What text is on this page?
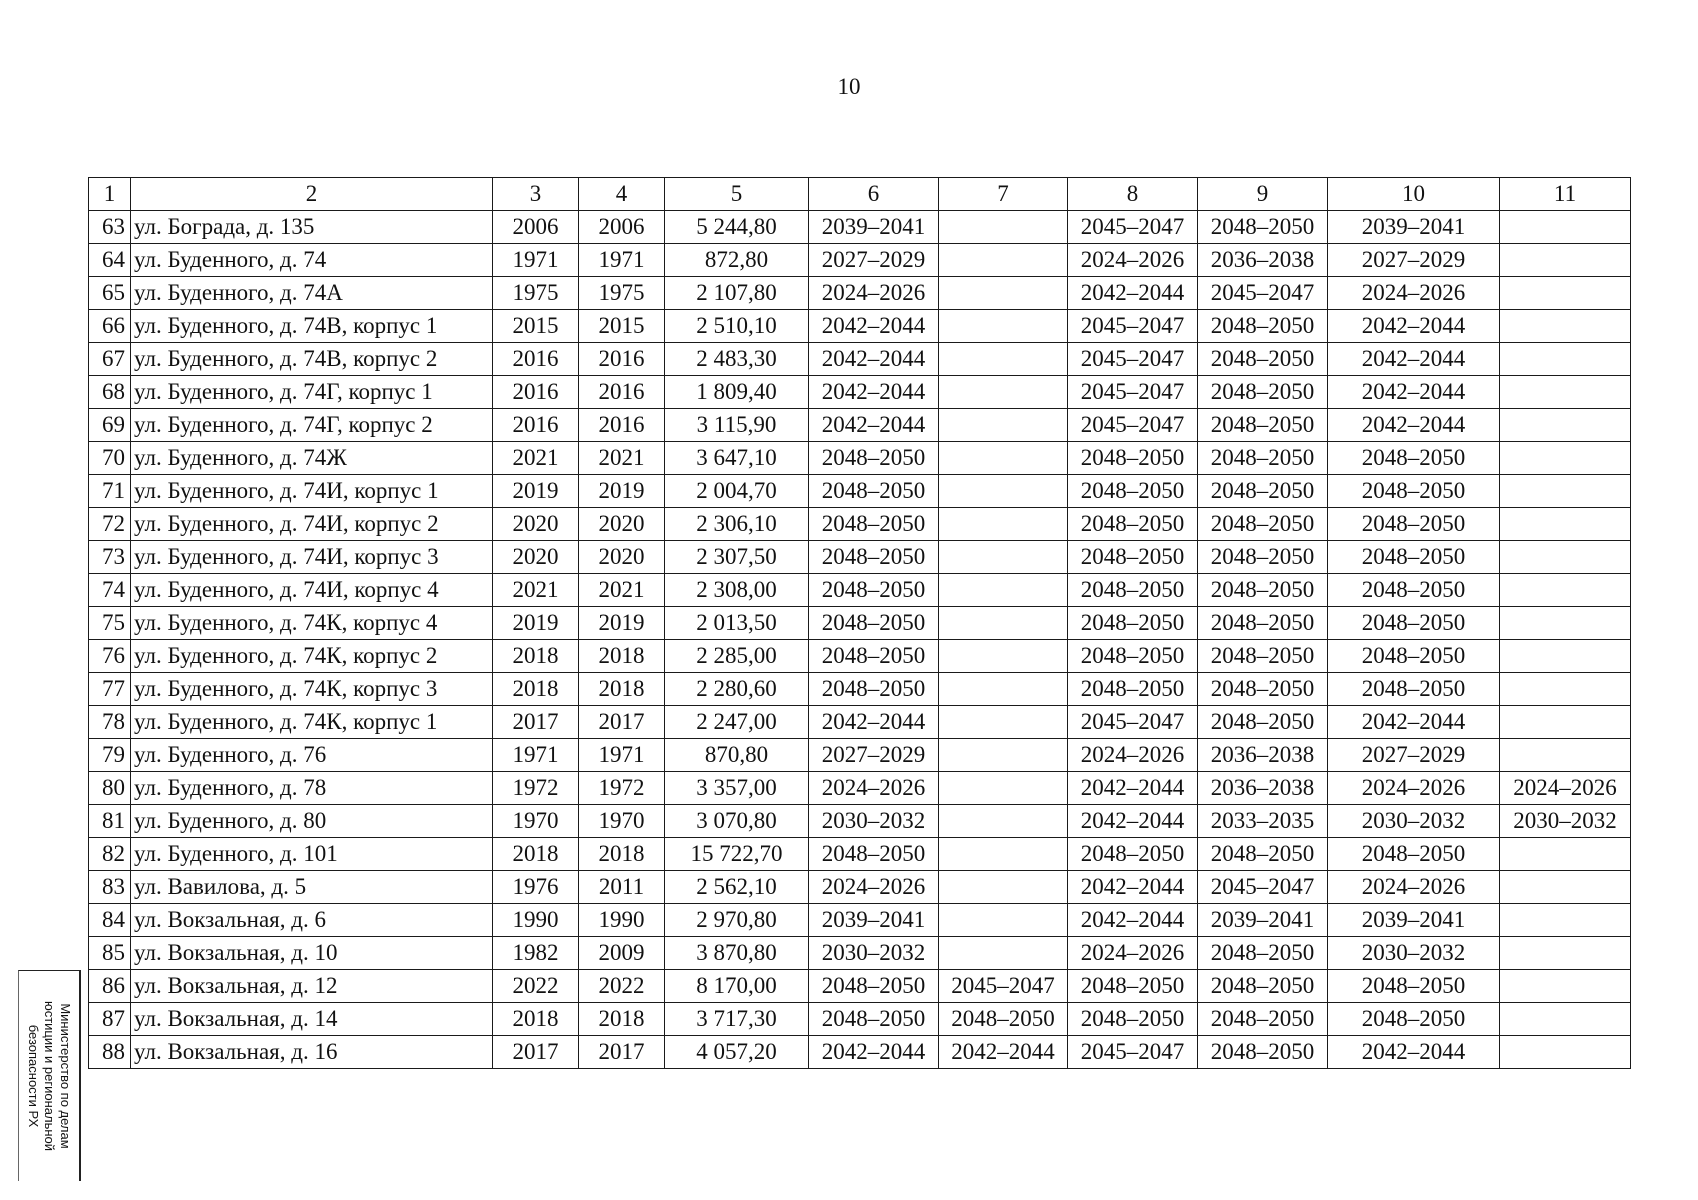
10
1	2	3	4	5	6	7	8	9	10	11
63	ул. Бограда, д. 135	2006	2006	5 244,80	2039–2041		2045–2047	2048–2050	2039–2041	
64	ул. Буденного, д. 74	1971	1971	872,80	2027–2029		2024–2026	2036–2038	2027–2029	
65	ул. Буденного, д. 74А	1975	1975	2 107,80	2024–2026		2042–2044	2045–2047	2024–2026	
66	ул. Буденного, д. 74В, корпус 1	2015	2015	2 510,10	2042–2044		2045–2047	2048–2050	2042–2044	
67	ул. Буденного, д. 74В, корпус 2	2016	2016	2 483,30	2042–2044		2045–2047	2048–2050	2042–2044	
68	ул. Буденного, д. 74Г, корпус 1	2016	2016	1 809,40	2042–2044		2045–2047	2048–2050	2042–2044	
69	ул. Буденного, д. 74Г, корпус 2	2016	2016	3 115,90	2042–2044		2045–2047	2048–2050	2042–2044	
70	ул. Буденного, д. 74Ж	2021	2021	3 647,10	2048–2050		2048–2050	2048–2050	2048–2050	
71	ул. Буденного, д. 74И, корпус 1	2019	2019	2 004,70	2048–2050		2048–2050	2048–2050	2048–2050	
72	ул. Буденного, д. 74И, корпус 2	2020	2020	2 306,10	2048–2050		2048–2050	2048–2050	2048–2050	
73	ул. Буденного, д. 74И, корпус 3	2020	2020	2 307,50	2048–2050		2048–2050	2048–2050	2048–2050	
74	ул. Буденного, д. 74И, корпус 4	2021	2021	2 308,00	2048–2050		2048–2050	2048–2050	2048–2050	
75	ул. Буденного, д. 74К, корпус 4	2019	2019	2 013,50	2048–2050		2048–2050	2048–2050	2048–2050	
76	ул. Буденного, д. 74К, корпус 2	2018	2018	2 285,00	2048–2050		2048–2050	2048–2050	2048–2050	
77	ул. Буденного, д. 74К, корпус 3	2018	2018	2 280,60	2048–2050		2048–2050	2048–2050	2048–2050	
78	ул. Буденного, д. 74К, корпус 1	2017	2017	2 247,00	2042–2044		2045–2047	2048–2050	2042–2044	
79	ул. Буденного, д. 76	1971	1971	870,80	2027–2029		2024–2026	2036–2038	2027–2029	
80	ул. Буденного, д. 78	1972	1972	3 357,00	2024–2026		2042–2044	2036–2038	2024–2026	2024–2026
81	ул. Буденного, д. 80	1970	1970	3 070,80	2030–2032		2042–2044	2033–2035	2030–2032	2030–2032
82	ул. Буденного, д. 101	2018	2018	15 722,70	2048–2050		2048–2050	2048–2050	2048–2050	
83	ул. Вавилова, д. 5	1976	2011	2 562,10	2024–2026		2042–2044	2045–2047	2024–2026	
84	ул. Вокзальная, д. 6	1990	1990	2 970,80	2039–2041		2042–2044	2039–2041	2039–2041	
85	ул. Вокзальная, д. 10	1982	2009	3 870,80	2030–2032		2024–2026	2048–2050	2030–2032	
86	ул. Вокзальная, д. 12	2022	2022	8 170,00	2048–2050	2045–2047	2048–2050	2048–2050	2048–2050	
87	ул. Вокзальная, д. 14	2018	2018	3 717,30	2048–2050	2048–2050	2048–2050	2048–2050	2048–2050	
88	ул. Вокзальная, д. 16	2017	2017	4 057,20	2042–2044	2042–2044	2045–2047	2048–2050	2042–2044	
Министерство по делам
юстиции и региональной
безопасности РХ
